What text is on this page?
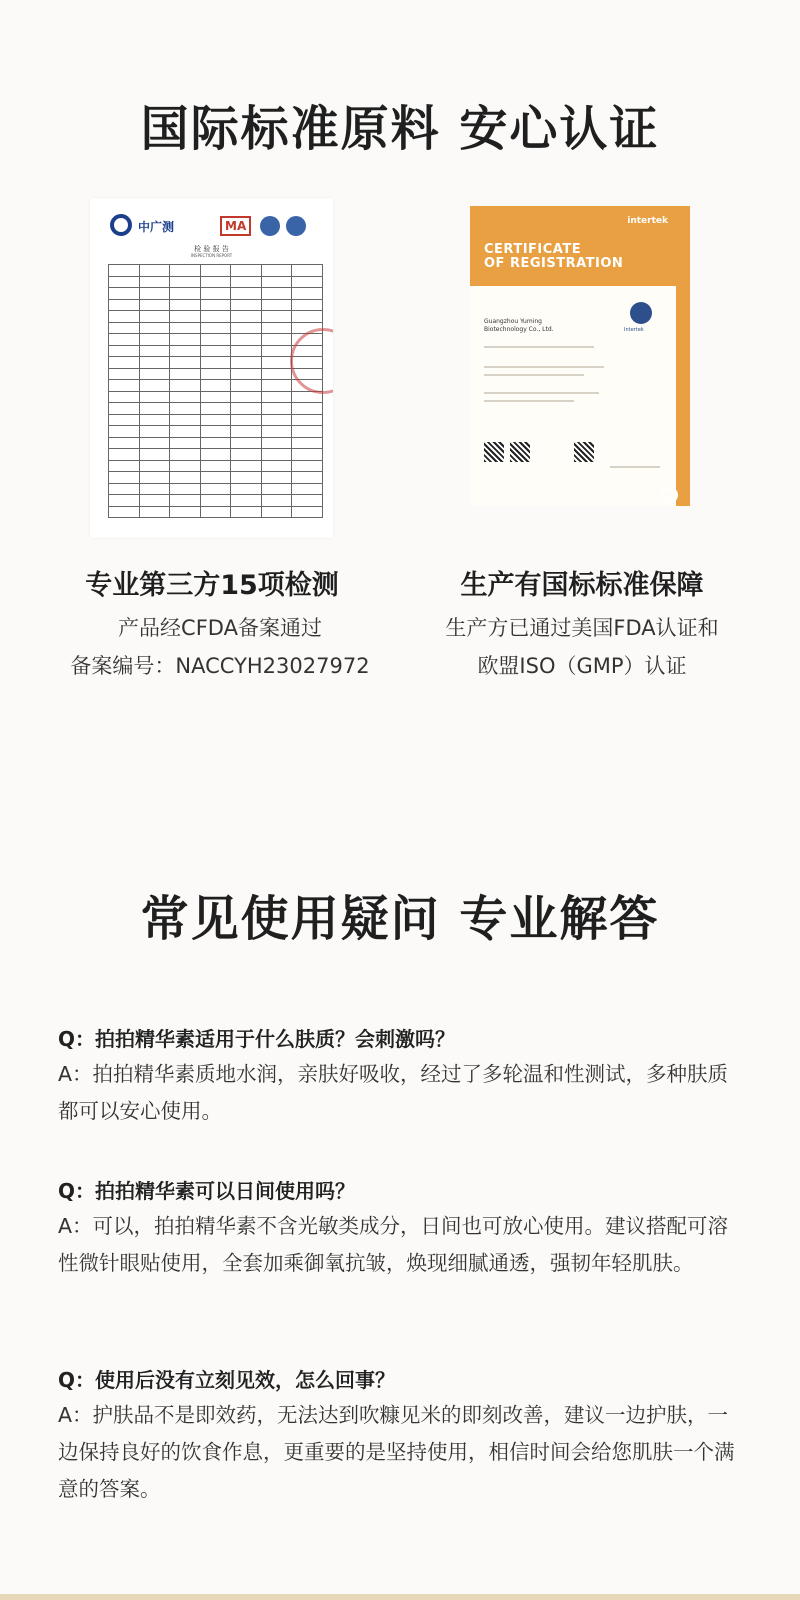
国际标准原料 安心认证
中广测	MA
检 验 报 告
INSPECTION REPORT

intertek
CERTIFICATE
OF REGISTRATION
Guangzhou Yuming
Biotechnology Co., Ltd.	Intertek
专业第三方15项检测
产品经CFDA备案通过
备案编号：NACCYH23027972
生产有国标标准保障
生产方已通过美国FDA认证和
欧盟ISO（GMP）认证
常见使用疑问 专业解答
Q：拍拍精华素适用于什么肤质？会刺激吗？
A：拍拍精华素质地水润，亲肤好吸收，经过了多轮温和性测试，多种肤质都可以安心使用。
Q：拍拍精华素可以日间使用吗？
A：可以，拍拍精华素不含光敏类成分，日间也可放心使用。建议搭配可溶性微针眼贴使用，全套加乘御氧抗皱，焕现细腻通透，强韧年轻肌肤。
Q：使用后没有立刻见效，怎么回事？
A：护肤品不是即效药，无法达到吹糠见米的即刻改善，建议一边护肤，一边保持良好的饮食作息，更重要的是坚持使用，相信时间会给您肌肤一个满意的答案。
